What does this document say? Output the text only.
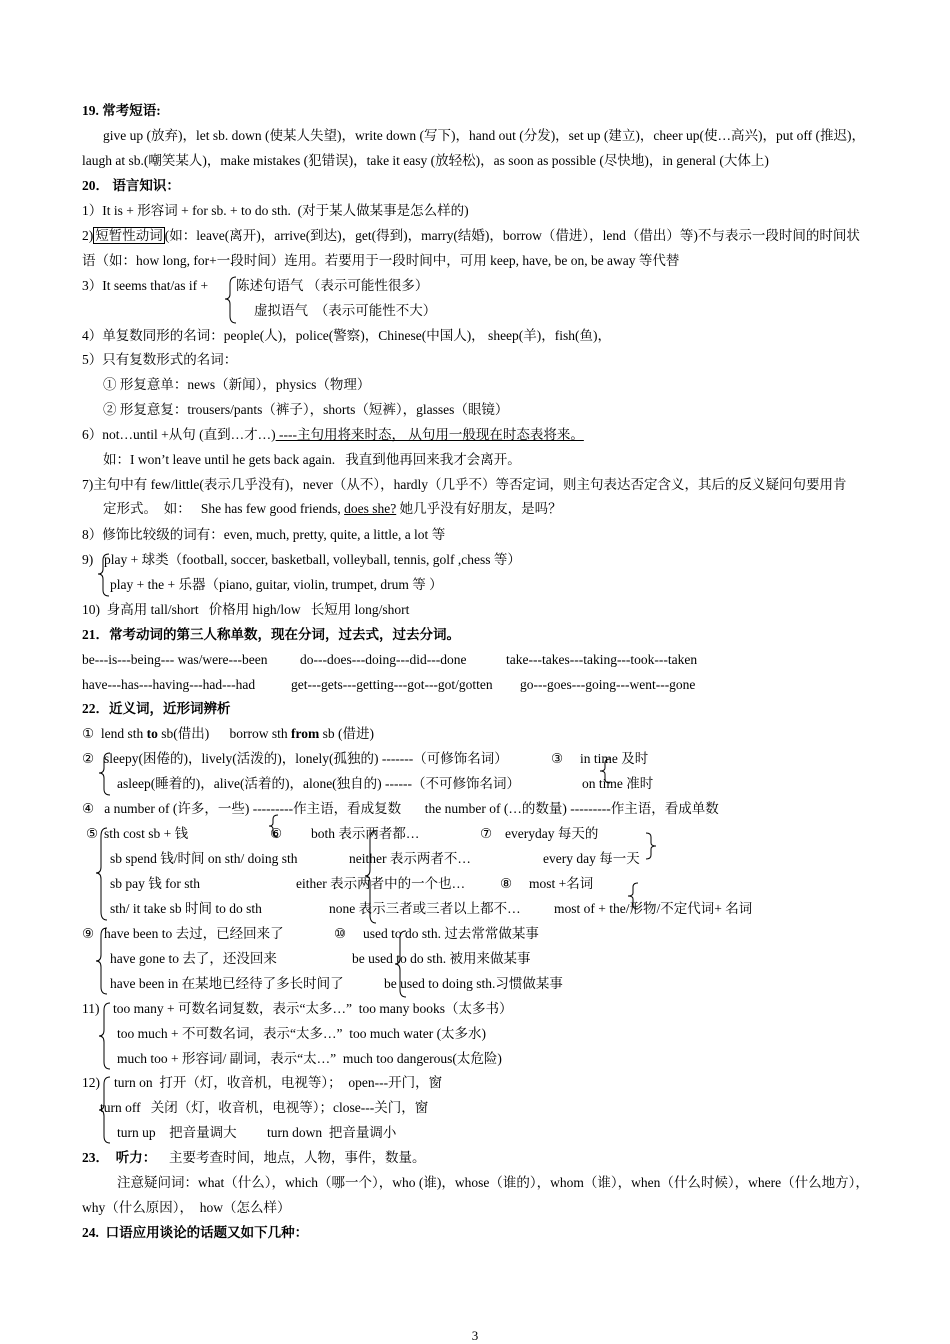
19. 常考短语:
give up (放弃)，let sb. down (使某人失望)，write down (写下)，hand out (分发)，set up (建立)，cheer up(使…高兴)，put off (推迟)，
laugh at sb.(嘲笑某人)，make mistakes (犯错误)，take it easy (放轻松)，as soon as possible (尽快地)，in general (大体上)
20． 语言知识：
1）It is + 形容词 + for sb. + to do sth.  (对于某人做某事是怎么样的)
2) 短暂性动词 (如：leave(离开)，arrive(到达)，get(得到)，marry(结婚)，borrow（借进），lend（借出）等)不与表示一段时间的时间状
语（如：how long, for+一段时间）连用。若要用于一段时间中，可用 keep, have, be on, be away 等代替
3）It seems that/as if + 陈述句语气 （表示可能性很多）
虚拟语气  （表示可能性不大）
4）单复数同形的名词：people(人)，police(警察)，Chinese(中国人)， sheep(羊)，fish(鱼)，
5）只有复数形式的名词：
① 形复意单：news（新闻），physics（物理）
② 形复意复：trousers/pants（裤子），shorts（短裤），glasses（眼镜）
6）not…until +从句 (直到…才…) ----主句用将来时态， 从句用一般现在时态表将来。
如：I won’t leave until he gets back again.   我直到他再回来我才会离开。
7)主句中有 few/little(表示几乎没有)，never（从不），hardly（几乎不）等否定词，则主句表达否定含义，其后的反义疑问句要用肯
定形式。  如：   She has few good friends, does she? 她几乎没有好朋友，是吗？
8）修饰比较级的词有：even, much, pretty, quite, a little, a lot 等
9) play + 球类（football, soccer, basketball, volleyball, tennis, golf ,chess 等）
play + the + 乐器（piano, guitar, violin, trumpet, drum 等 ）
10)  身高用 tall/short   价格用 high/low   长短用 long/short
21．常考动词的第三人称单数，现在分词，过去式，过去分词。
be---is---being--- was/were---been do---does---doing---did---done	take---takes---taking---took---taken
have---has---having---had---had	get---gets---getting---got---got/gotten go---goes---going---went---gone
22．近义词，近形词辨析
①  lend sth to sb(借出)      borrow sth from sb (借进)
② sleepy(困倦的)，lively(活泼的)，lonely(孤独的) -------（可修饰名词）
asleep(睡着的)，alive(活着的)，alone(独自的) ------（不可修饰名词）
③ in time 及时
on time 准时
④   a number of (许多，一些) ---------作主语，看成复数       the number of (…的数量) ---------作主语，看成单数
⑤ sth cost sb + 钱
sb spend 钱/时间 on sth/ doing sth
sb pay 钱 for sth
sth/ it take sb 时间 to do sth
⑥ both 表示两者都…
neither 表示两者不…
either 表示两者中的一个也…
none 表示三者或三者以上都不…
⑦ everyday 每天的
every day 每一天
⑧ most +名词
most of + the/形物/不定代词+ 名词
⑨ have been to 去过，已经回来了
have gone to 去了，还没回来
have been in 在某地已经待了多长时间了
⑩ used to do sth. 过去常常做某事
be used to do sth. 被用来做某事
be used to doing sth.习惯做某事
11) too many + 可数名词复数，表示“太多…”  too many books（太多书）
too much + 不可数名词，表示“太多…”  too much water (太多水)
much too + 形容词/ 副词，表示“太…”  much too dangerous(太危险)
12) turn on  打开（灯，收音机，电视等）；  open---开门，窗
turn off   关闭（灯，收音机，电视等）；close---关门，窗
turn up    把音量调大         turn down  把音量调小
23．  听力： 主要考查时间，地点，人物，事件，数量。
注意疑问词：what（什么），which（哪一个），who (谁)，whose（谁的），whom（谁），when（什么时候），where（什么地方），
why（什么原因），  how（怎么样）
24.  口语应用谈论的话题又如下几种：
3
